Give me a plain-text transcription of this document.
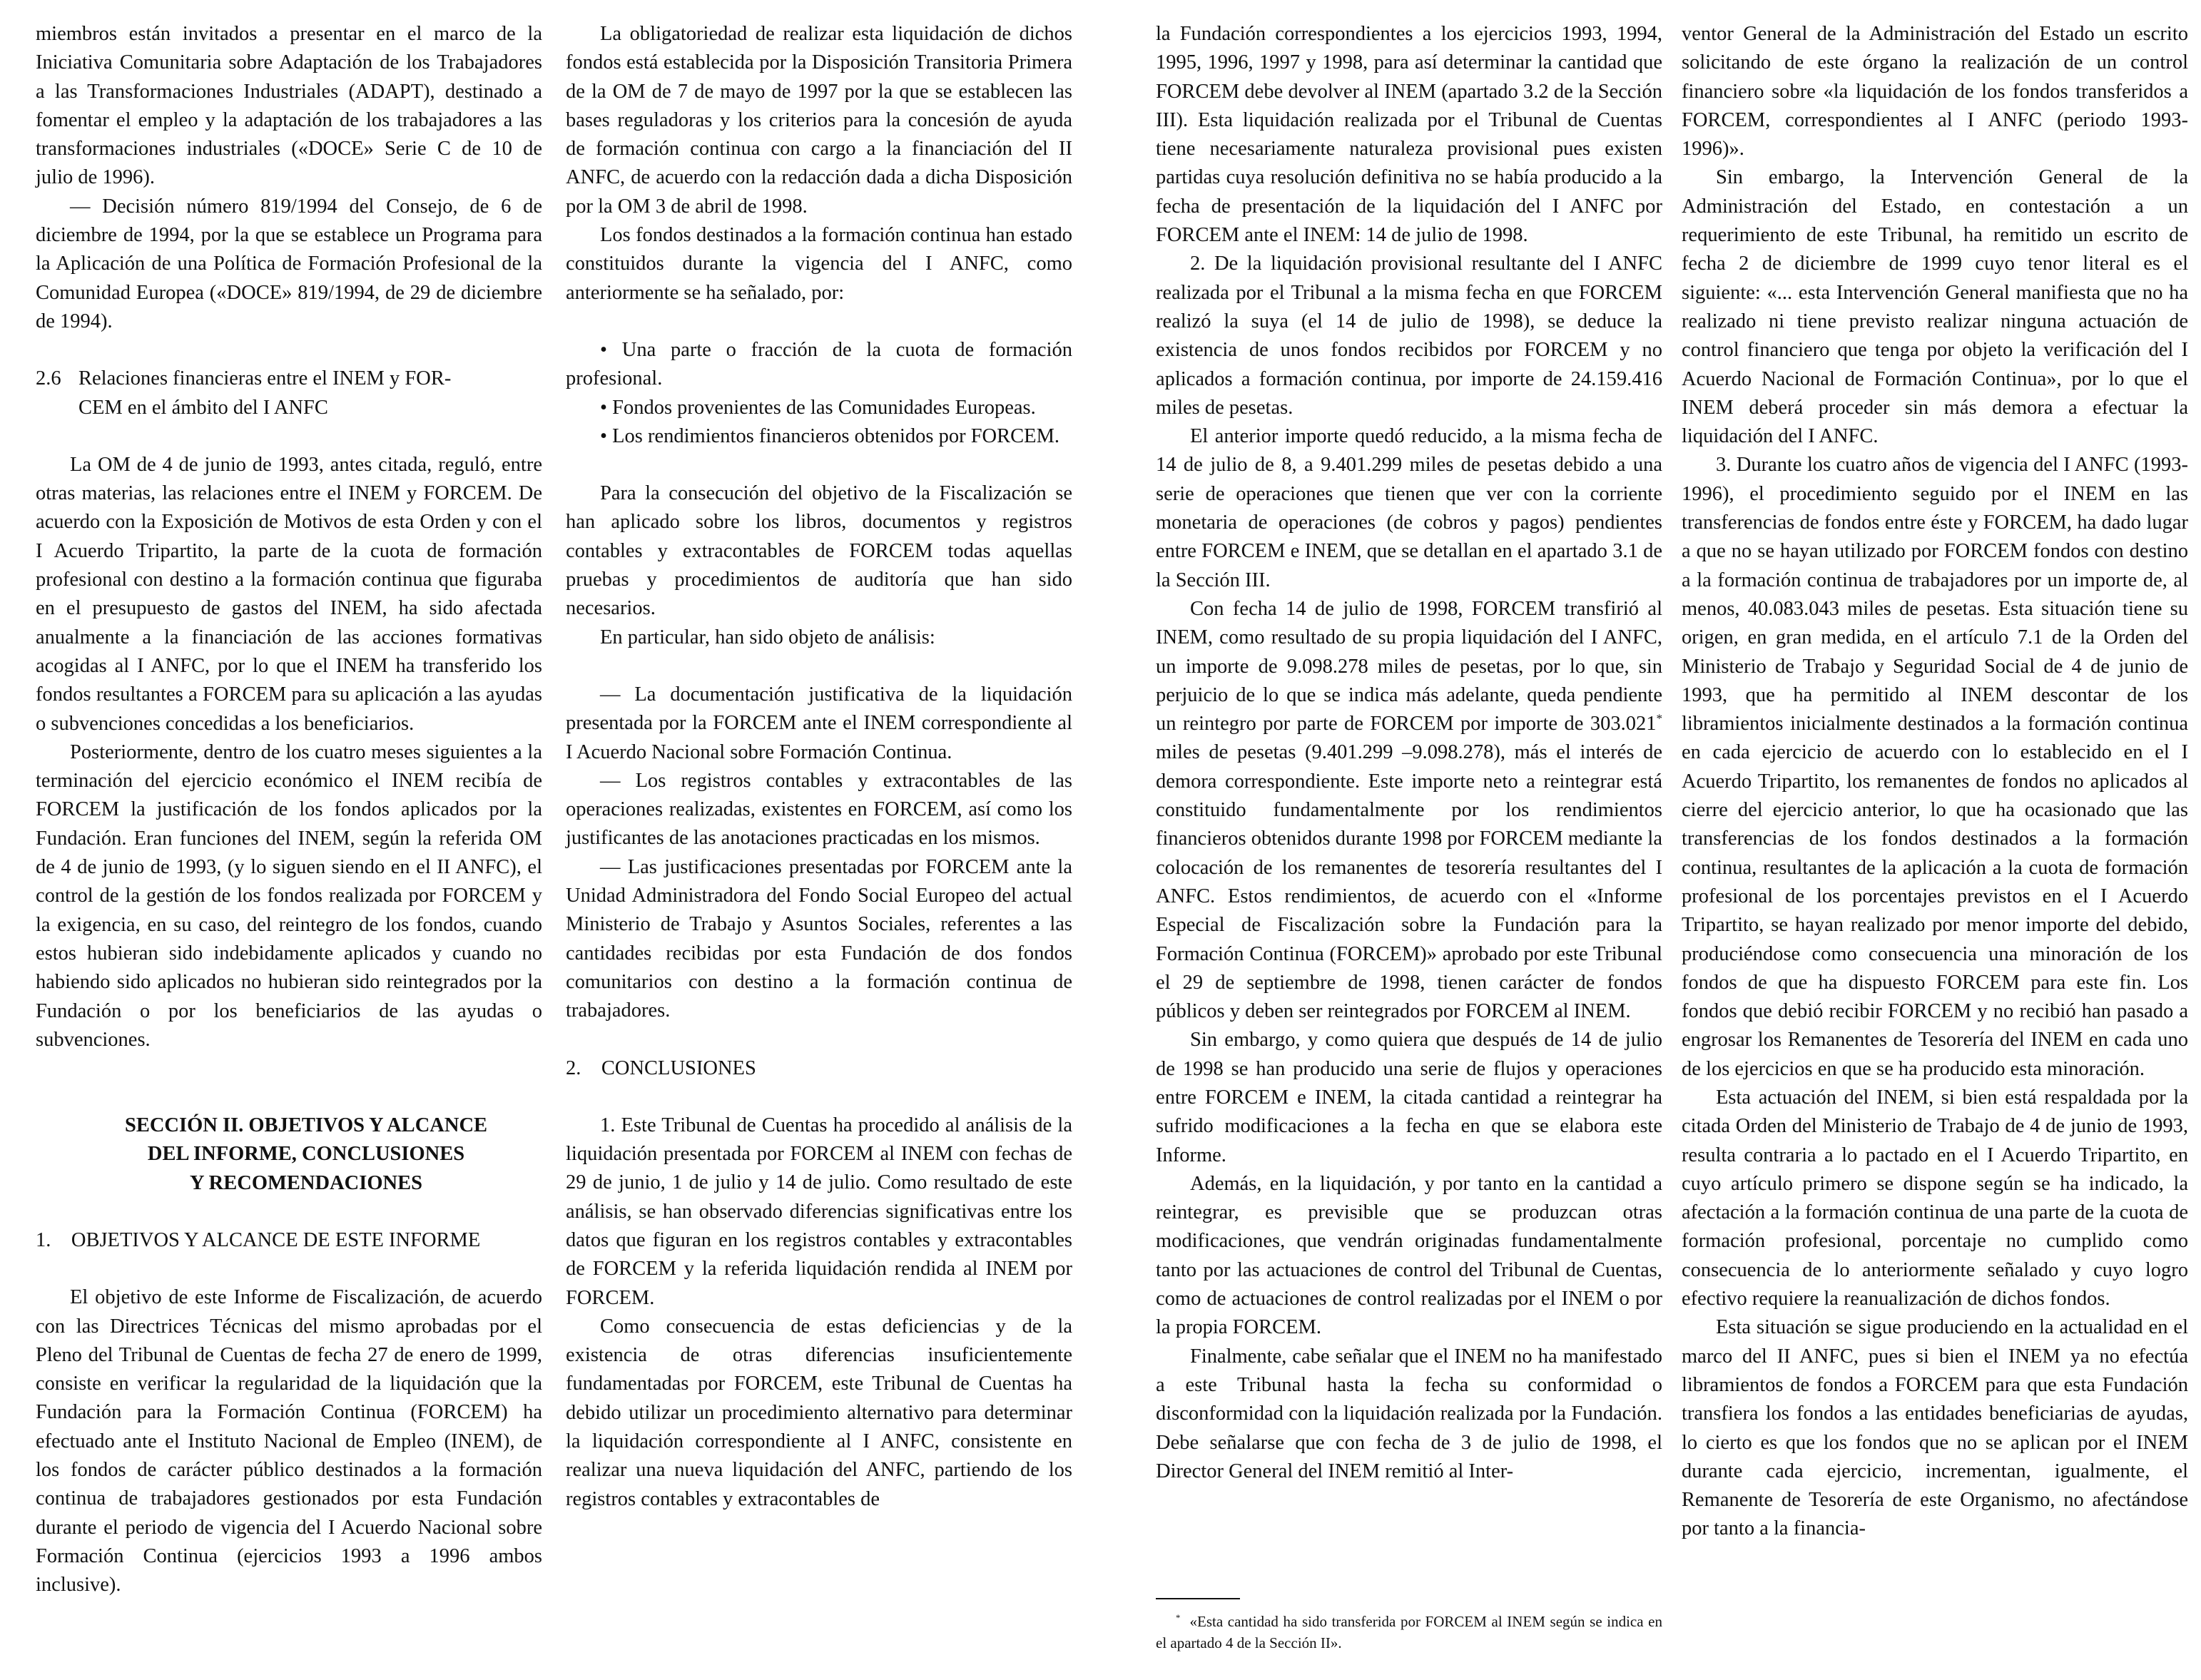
miembros están invitados a presentar en el marco de la Iniciativa Comunitaria sobre Adaptación de los Trabajadores a las Transformaciones Industriales (ADAPT), destinado a fomentar el empleo y la adaptación de los trabajadores a las transformaciones industriales («DOCE» Serie C de 10 de julio de 1996).

— Decisión número 819/1994 del Consejo, de 6 de diciembre de 1994, por la que se establece un Programa para la Aplicación de una Política de Formación Profesional de la Comunidad Europea («DOCE» 819/1994, de 29 de diciembre de 1994).

2.6 Relaciones financieras entre el INEM y FOR-
CEM en el ámbito del I ANFC

La OM de 4 de junio de 1993, antes citada, reguló, entre otras materias, las relaciones entre el INEM y FORCEM. De acuerdo con la Exposición de Motivos de esta Orden y con el I Acuerdo Tripartito, la parte de la cuota de formación profesional con destino a la formación continua que figuraba en el presupuesto de gastos del INEM, ha sido afectada anualmente a la financiación de las acciones formativas acogidas al I ANFC, por lo que el INEM ha transferido los fondos resultantes a FORCEM para su aplicación a las ayudas o subvenciones concedidas a los beneficiarios.

Posteriormente, dentro de los cuatro meses siguientes a la terminación del ejercicio económico el INEM recibía de FORCEM la justificación de los fondos aplicados por la Fundación. Eran funciones del INEM, según la referida OM de 4 de junio de 1993, (y lo siguen siendo en el II ANFC), el control de la gestión de los fondos realizada por FORCEM y la exigencia, en su caso, del reintegro de los fondos, cuando estos hubieran sido indebidamente aplicados y cuando no habiendo sido aplicados no hubieran sido reintegrados por la Fundación o por los beneficiarios de las ayudas o subvenciones.

SECCIÓN II. OBJETIVOS Y ALCANCE

DEL INFORME, CONCLUSIONES

Y RECOMENDACIONES

1.    OBJETIVOS Y ALCANCE DE ESTE INFORME

El objetivo de este Informe de Fiscalización, de acuerdo con las Directrices Técnicas del mismo aprobadas por el Pleno del Tribunal de Cuentas de fecha 27 de enero de 1999, consiste en verificar la regularidad de la liquidación que la Fundación para la Formación Continua (FORCEM) ha efectuado ante el Instituto Nacional de Empleo (INEM), de los fondos de carácter público destinados a la formación continua de trabajadores gestionados por esta Fundación durante el periodo de vigencia del I Acuerdo Nacional sobre Formación Continua (ejercicios 1993 a 1996 ambos inclusive).

La obligatoriedad de realizar esta liquidación de dichos fondos está establecida por la Disposición Transitoria Primera de la OM de 7 de mayo de 1997 por la que se establecen las bases reguladoras y los criterios para la concesión de ayuda de formación continua con cargo a la financiación del II ANFC, de acuerdo con la redacción dada a dicha Disposición por la OM 3 de abril de 1998.

Los fondos destinados a la formación continua han estado constituidos durante la vigencia del I ANFC, como anteriormente se ha señalado, por:

• Una parte o fracción de la cuota de formación profesional.

• Fondos provenientes de las Comunidades Europeas.

• Los rendimientos financieros obtenidos por FORCEM.

Para la consecución del objetivo de la Fiscalización se han aplicado sobre los libros, documentos y registros contables y extracontables de FORCEM todas aquellas pruebas y procedimientos de auditoría que han sido necesarios.

En particular, han sido objeto de análisis:

— La documentación justificativa de la liquidación presentada por la FORCEM ante el INEM correspondiente al I Acuerdo Nacional sobre Formación Continua.

— Los registros contables y extracontables de las operaciones realizadas, existentes en FORCEM, así como los justificantes de las anotaciones practicadas en los mismos.

— Las justificaciones presentadas por FORCEM ante la Unidad Administradora del Fondo Social Europeo del actual Ministerio de Trabajo y Asuntos Sociales, referentes a las cantidades recibidas por esta Fundación de dos fondos comunitarios con destino a la formación continua de trabajadores.

2.    CONCLUSIONES

1. Este Tribunal de Cuentas ha procedido al análisis de la liquidación presentada por FORCEM al INEM con fechas de 29 de junio, 1 de julio y 14 de julio. Como resultado de este análisis, se han observado diferencias significativas entre los datos que figuran en los registros contables y extracontables de FORCEM y la referida liquidación rendida al INEM por FORCEM.

Como consecuencia de estas deficiencias y de la existencia de otras diferencias insuficientemente fundamentadas por FORCEM, este Tribunal de Cuentas ha debido utilizar un procedimiento alternativo para determinar la liquidación correspondiente al I ANFC, consistente en realizar una nueva liquidación del ANFC, partiendo de los registros contables y extracontables de

la Fundación correspondientes a los ejercicios 1993, 1994, 1995, 1996, 1997 y 1998, para así determinar la cantidad que FORCEM debe devolver al INEM (apartado 3.2 de la Sección III). Esta liquidación realizada por el Tribunal de Cuentas tiene necesariamente naturaleza provisional pues existen partidas cuya resolución definitiva no se había producido a la fecha de presentación de la liquidación del I ANFC por FORCEM ante el INEM: 14 de julio de 1998.

2. De la liquidación provisional resultante del I ANFC realizada por el Tribunal a la misma fecha en que FORCEM realizó la suya (el 14 de julio de 1998), se deduce la existencia de unos fondos recibidos por FORCEM y no aplicados a formación continua, por importe de 24.159.416 miles de pesetas.

El anterior importe quedó reducido, a la misma fecha de 14 de julio de 8, a 9.401.299 miles de pesetas debido a una serie de operaciones que tienen que ver con la corriente monetaria de operaciones (de cobros y pagos) pendientes entre FORCEM e INEM, que se detallan en el apartado 3.1 de la Sección III.

Con fecha 14 de julio de 1998, FORCEM transfirió al INEM, como resultado de su propia liquidación del I ANFC, un importe de 9.098.278 miles de pesetas, por lo que, sin perjuicio de lo que se indica más adelante, queda pendiente un reintegro por parte de FORCEM por importe de 303.021* miles de pesetas (9.401.299 –9.098.278), más el interés de demora correspondiente. Este importe neto a reintegrar está constituido fundamentalmente por los rendimientos financieros obtenidos durante 1998 por FORCEM mediante la colocación de los remanentes de tesorería resultantes del I ANFC. Estos rendimientos, de acuerdo con el «Informe Especial de Fiscalización sobre la Fundación para la Formación Continua (FORCEM)» aprobado por este Tribunal el 29 de septiembre de 1998, tienen carácter de fondos públicos y deben ser reintegrados por FORCEM al INEM.

Sin embargo, y como quiera que después de 14 de julio de 1998 se han producido una serie de flujos y operaciones entre FORCEM e INEM, la citada cantidad a reintegrar ha sufrido modificaciones a la fecha en que se elabora este Informe.

Además, en la liquidación, y por tanto en la cantidad a reintegrar, es previsible que se produzcan otras modificaciones, que vendrán originadas fundamentalmente tanto por las actuaciones de control del Tribunal de Cuentas, como de actuaciones de control realizadas por el INEM o por la propia FORCEM.

Finalmente, cabe señalar que el INEM no ha manifestado a este Tribunal hasta la fecha su conformidad o disconformidad con la liquidación realizada por la Fundación. Debe señalarse que con fecha de 3 de julio de 1998, el Director General del INEM remitió al Inter-

* «Esta cantidad ha sido transferida por FORCEM al INEM según se indica en el apartado 4 de la Sección II».

ventor General de la Administración del Estado un escrito solicitando de este órgano la realización de un control financiero sobre «la liquidación de los fondos transferidos a FORCEM, correspondientes al I ANFC (periodo 1993-1996)».

Sin embargo, la Intervención General de la Administración del Estado, en contestación a un requerimiento de este Tribunal, ha remitido un escrito de fecha 2 de diciembre de 1999 cuyo tenor literal es el siguiente: «... esta Intervención General manifiesta que no ha realizado ni tiene previsto realizar ninguna actuación de control financiero que tenga por objeto la verificación del I Acuerdo Nacional de Formación Continua», por lo que el INEM deberá proceder sin más demora a efectuar la liquidación del I ANFC.

3. Durante los cuatro años de vigencia del I ANFC (1993-1996), el procedimiento seguido por el INEM en las transferencias de fondos entre éste y FORCEM, ha dado lugar a que no se hayan utilizado por FORCEM fondos con destino a la formación continua de trabajadores por un importe de, al menos, 40.083.043 miles de pesetas. Esta situación tiene su origen, en gran medida, en el artículo 7.1 de la Orden del Ministerio de Trabajo y Seguridad Social de 4 de junio de 1993, que ha permitido al INEM descontar de los libramientos inicialmente destinados a la formación continua en cada ejercicio de acuerdo con lo establecido en el I Acuerdo Tripartito, los remanentes de fondos no aplicados al cierre del ejercicio anterior, lo que ha ocasionado que las transferencias de los fondos destinados a la formación continua, resultantes de la aplicación a la cuota de formación profesional de los porcentajes previstos en el I Acuerdo Tripartito, se hayan realizado por menor importe del debido, produciéndose como consecuencia una minoración de los fondos de que ha dispuesto FORCEM para este fin. Los fondos que debió recibir FORCEM y no recibió han pasado a engrosar los Remanentes de Tesorería del INEM en cada uno de los ejercicios en que se ha producido esta minoración.

Esta actuación del INEM, si bien está respaldada por la citada Orden del Ministerio de Trabajo de 4 de junio de 1993, resulta contraria a lo pactado en el I Acuerdo Tripartito, en cuyo artículo primero se dispone según se ha indicado, la afectación a la formación continua de una parte de la cuota de formación profesional, porcentaje no cumplido como consecuencia de lo anteriormente señalado y cuyo logro efectivo requiere la reanualización de dichos fondos.

Esta situación se sigue produciendo en la actualidad en el marco del II ANFC, pues si bien el INEM ya no efectúa libramientos de fondos a FORCEM para que esta Fundación transfiera los fondos a las entidades beneficiarias de ayudas, lo cierto es que los fondos que no se aplican por el INEM durante cada ejercicio, incrementan, igualmente, el Remanente de Tesorería de este Organismo, no afectándose por tanto a la financia-
